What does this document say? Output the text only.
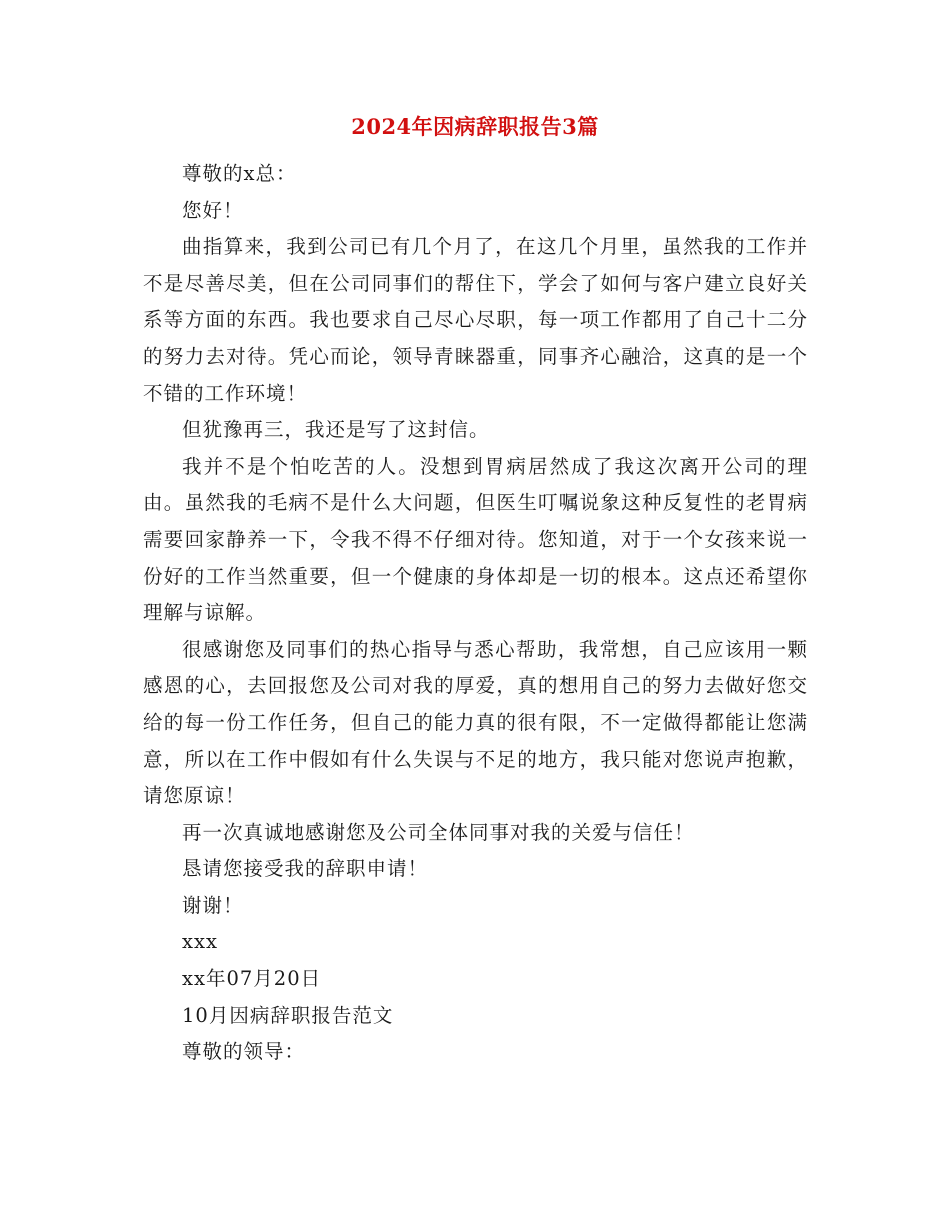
2024年因病辞职报告3篇

尊敬的x总：

您好！

曲指算来，我到公司已有几个月了，在这几个月里，虽然我的工作并不是尽善尽美，但在公司同事们的帮住下，学会了如何与客户建立良好关系等方面的东西。我也要求自己尽心尽职，每一项工作都用了自己十二分的努力去对待。凭心而论，领导青睐器重，同事齐心融洽，这真的是一个不错的工作环境！

但犹豫再三，我还是写了这封信。

我并不是个怕吃苦的人。没想到胃病居然成了我这次离开公司的理由。虽然我的毛病不是什么大问题，但医生叮嘱说象这种反复性的老胃病需要回家静养一下，令我不得不仔细对待。您知道，对于一个女孩来说一份好的工作当然重要，但一个健康的身体却是一切的根本。这点还希望你理解与谅解。

很感谢您及同事们的热心指导与悉心帮助，我常想，自己应该用一颗感恩的心，去回报您及公司对我的厚爱，真的想用自己的努力去做好您交给的每一份工作任务，但自己的能力真的很有限，不一定做得都能让您满意，所以在工作中假如有什么失误与不足的地方，我只能对您说声抱歉，请您原谅！

再一次真诚地感谢您及公司全体同事对我的关爱与信任！

恳请您接受我的辞职申请！

谢谢！

xxx

xx年07月20日

10月因病辞职报告范文

尊敬的领导：
